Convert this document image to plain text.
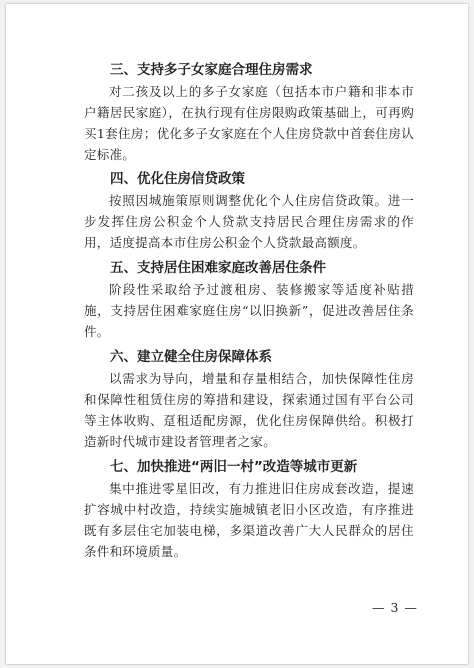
三、支持多子女家庭合理住房需求

对二孩及以上的多子女家庭（包括本市户籍和非本市户籍居民家庭），在执行现有住房限购政策基础上，可再购买1套住房；优化多子女家庭在个人住房贷款中首套住房认定标准。

四、优化住房信贷政策

按照因城施策原则调整优化个人住房信贷政策。进一步发挥住房公积金个人贷款支持居民合理住房需求的作用，适度提高本市住房公积金个人贷款最高额度。

五、支持居住困难家庭改善居住条件

阶段性采取给予过渡租房、装修搬家等适度补贴措施，支持居住困难家庭住房“以旧换新”，促进改善居住条件。

六、建立健全住房保障体系

以需求为导向，增量和存量相结合，加快保障性住房和保障性租赁住房的筹措和建设，探索通过国有平台公司等主体收购、趸租适配房源，优化住房保障供给。积极打造新时代城市建设者管理者之家。

七、加快推进“两旧一村”改造等城市更新

集中推进零星旧改，有力推进旧住房成套改造，提速扩容城中村改造，持续实施城镇老旧小区改造，有序推进既有多层住宅加装电梯，多渠道改善广大人民群众的居住条件和环境质量。

— 3 —
